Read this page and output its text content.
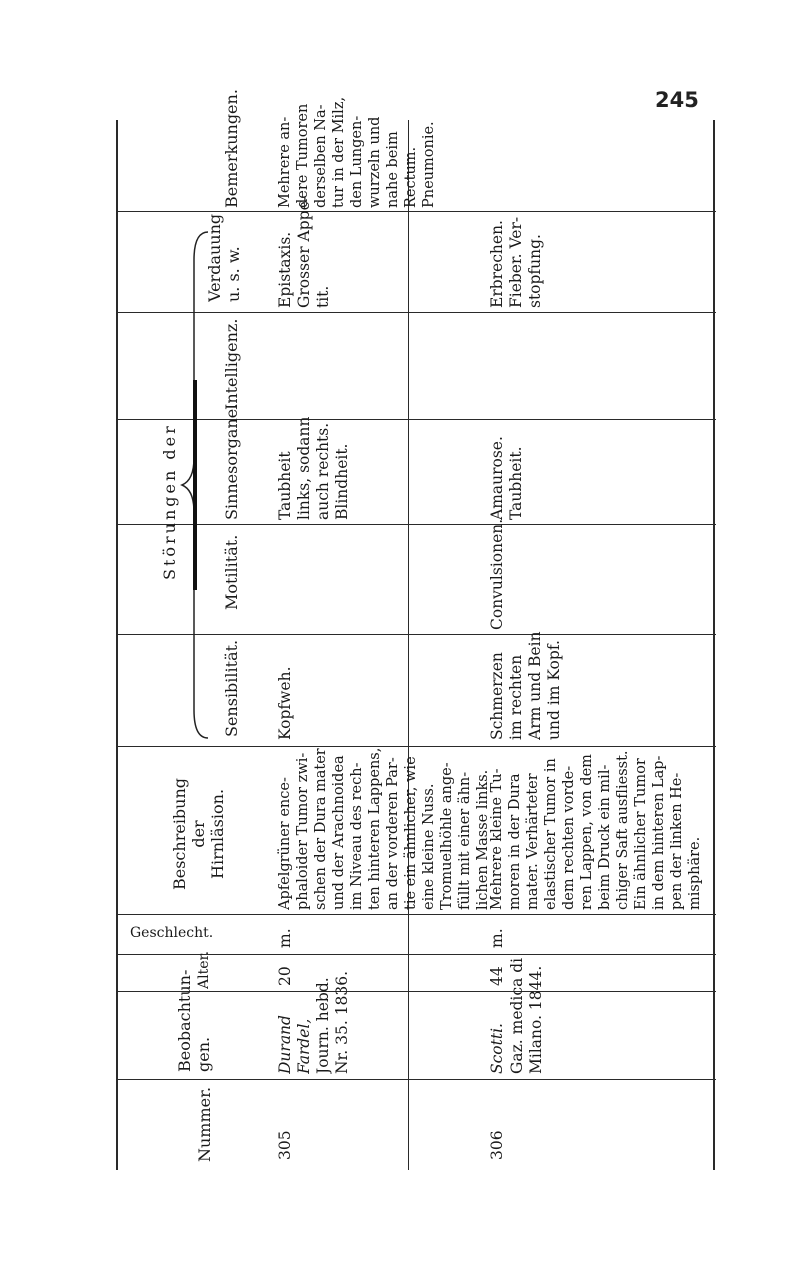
245
Nummer.
Beobachtun-
gen.
Alter.
Geschlecht.
Beschreibung
der
Hirnläsion.
Störungen der
Sensibilität.
Motilität.
Sinnesorgane.
Intelligenz.
Verdauung
u. s. w.
Bemerkungen.
305
Durand
Fardel, Journ. hebd.
Nr. 35. 1836.
20
m.
Apfelgrüner ence-
phaloider Tumor zwi-
schen der Dura mater
und der Arachnoidea
im Niveau des rech-
ten hinteren Lappens,
an der vorderen Par-
tie ein ähnlicher, wie
eine kleine Nuss.
Tromuelhöhle ange-
füllt mit einer ähn-
lichen Masse links.
Kopfweh.
Taubheit
links, sodann
auch rechts.
Blindheit.
Epistaxis.
Grosser Appe-
tit.
Mehrere an-
dere Tumoren
derselben Na-
tur in der Milz,
den Lungen-
wurzeln und
nahe beim
Rectum.
Pneumonie.
306
Scotti. Gaz. medica di
Milano. 1844.
44
m.
Mehrere kleine Tu-
moren in der Dura
mater. Verhärteter
elastischer Tumor in
dem rechten vorde-
ren Lappen, von dem
beim Druck ein mil-
chiger Saft ausfliesst.
Ein ähnlicher Tumor
in dem hinteren Lap-
pen der linken He-
misphäre.
Schmerzen
im rechten
Arm und Bein
und im Kopf.
Convulsionen.
Amaurose.
Taubheit.
Erbrechen.
Fieber. Ver-
stopfung.
